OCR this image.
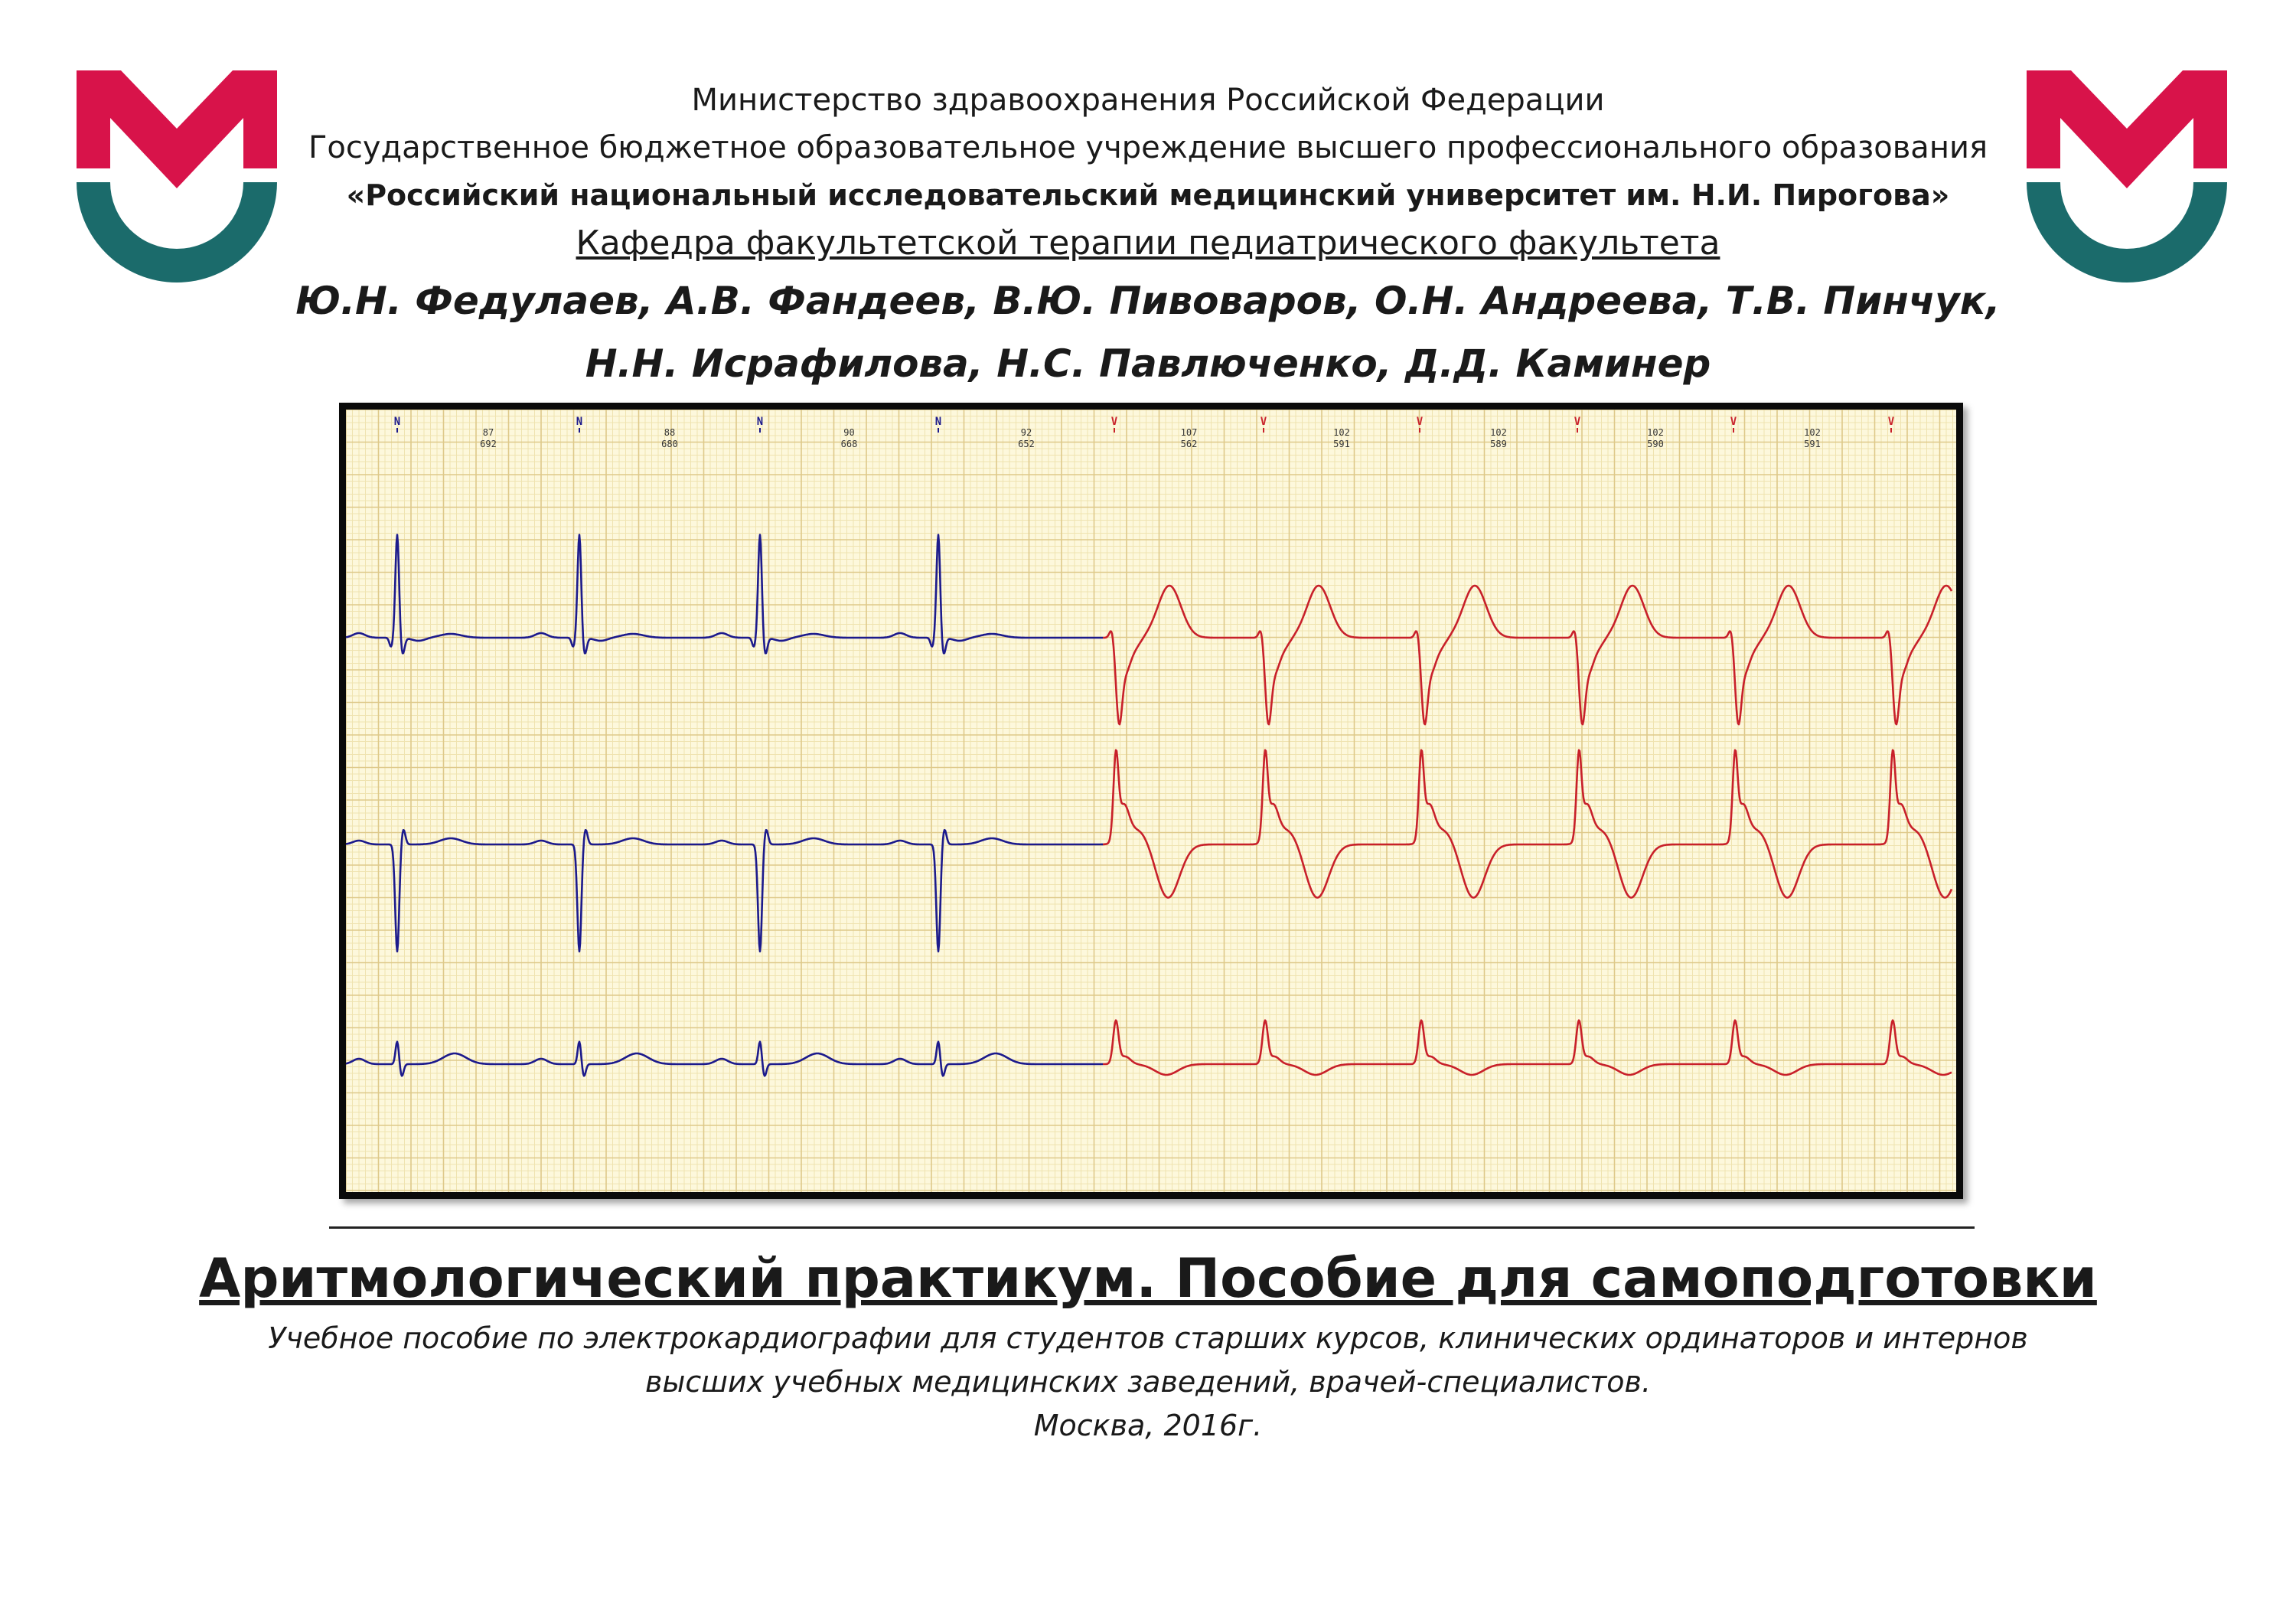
Министерство здравоохранения Российской Федерации
Государственное бюджетное образовательное учреждение высшего профессионального образования
«Российский национальный исследовательский медицинский университет им. Н.И. Пирогова»
Кафедра факультетской терапии педиатрического факультета
Ю.Н. Федулаев, А.В. Фандеев, В.Ю. Пивоваров, О.Н. Андреева, Т.В. Пинчук,
Н.Н. Исрафилова, Н.С. Павлюченко, Д.Д. Каминер
N	N
87
692
N
88
680
N
90
668
V
92
652
V
107
562
V
102
591
V
102
589
V
102
590
V
102
591
Аритмологический практикум. Пособие для самоподготовки
Учебное пособие по электрокардиографии для студентов старших курсов, клинических ординаторов и интернов
высших учебных медицинских заведений, врачей-специалистов.
Москва, 2016г.
